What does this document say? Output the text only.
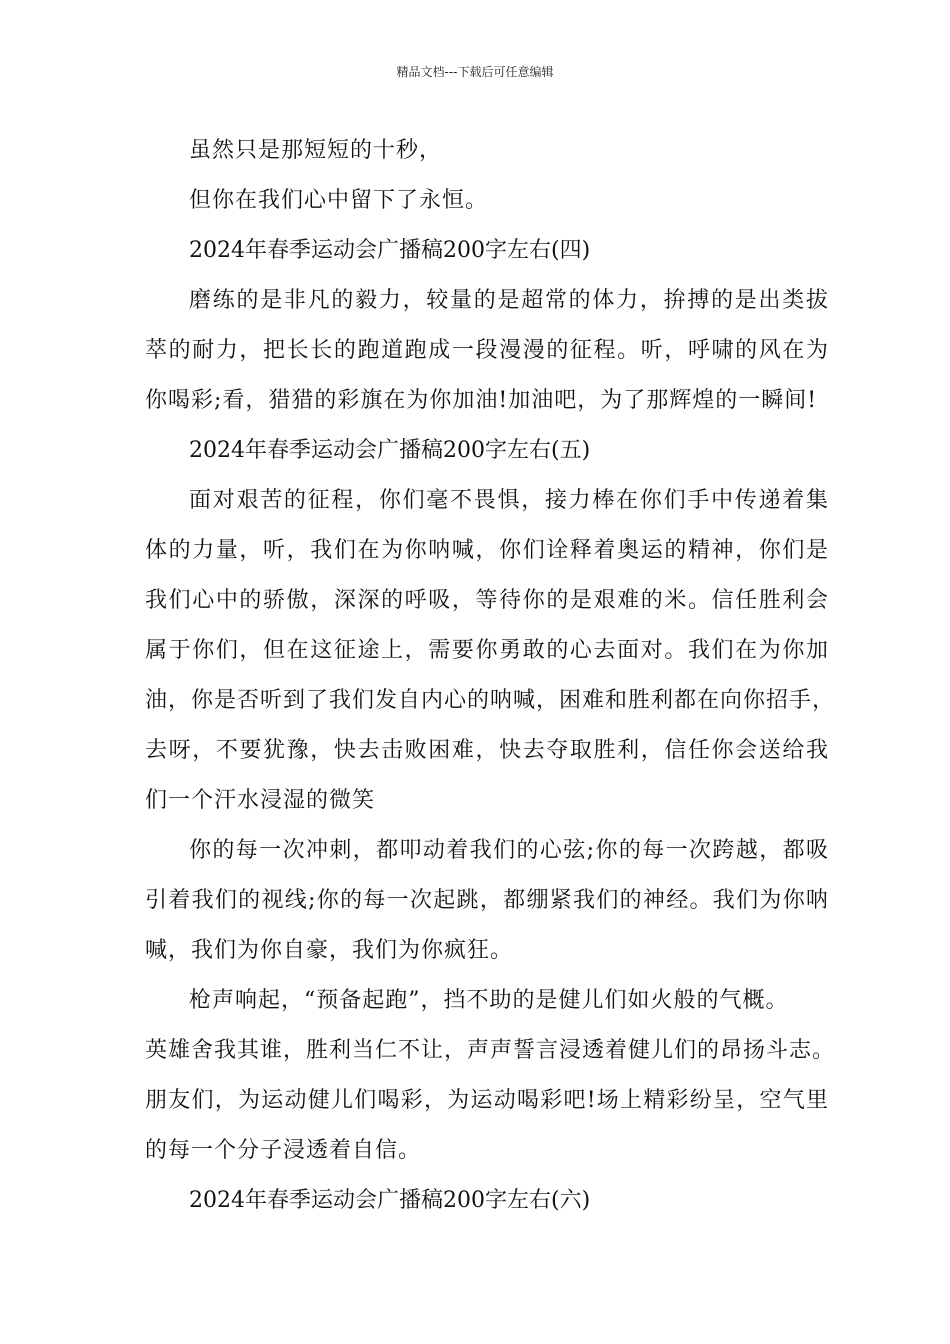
精品文档---下载后可任意编辑
虽然只是那短短的十秒，
但你在我们心中留下了永恒。
2024年春季运动会广播稿200字左右(四)
磨练的是非凡的毅力，较量的是超常的体力，拚搏的是出类拔
萃的耐力，把长长的跑道跑成一段漫漫的征程。听，呼啸的风在为
你喝彩;看，猎猎的彩旗在为你加油!加油吧，为了那辉煌的一瞬间!
2024年春季运动会广播稿200字左右(五)
面对艰苦的征程，你们毫不畏惧，接力棒在你们手中传递着集
体的力量，听，我们在为你呐喊，你们诠释着奥运的精神，你们是
我们心中的骄傲，深深的呼吸，等待你的是艰难的米。信任胜利会
属于你们，但在这征途上，需要你勇敢的心去面对。我们在为你加
油，你是否听到了我们发自内心的呐喊，困难和胜利都在向你招手，
去呀，不要犹豫，快去击败困难，快去夺取胜利，信任你会送给我
们一个汗水浸湿的微笑
你的每一次冲刺，都叩动着我们的心弦;你的每一次跨越，都吸
引着我们的视线;你的每一次起跳，都绷紧我们的神经。我们为你呐
喊，我们为你自豪，我们为你疯狂。
枪声响起，“预备起跑”，挡不助的是健儿们如火般的气概。
英雄舍我其谁，胜利当仁不让，声声誓言浸透着健儿们的昂扬斗志。
朋友们，为运动健儿们喝彩，为运动喝彩吧!场上精彩纷呈，空气里
的每一个分子浸透着自信。
2024年春季运动会广播稿200字左右(六)
